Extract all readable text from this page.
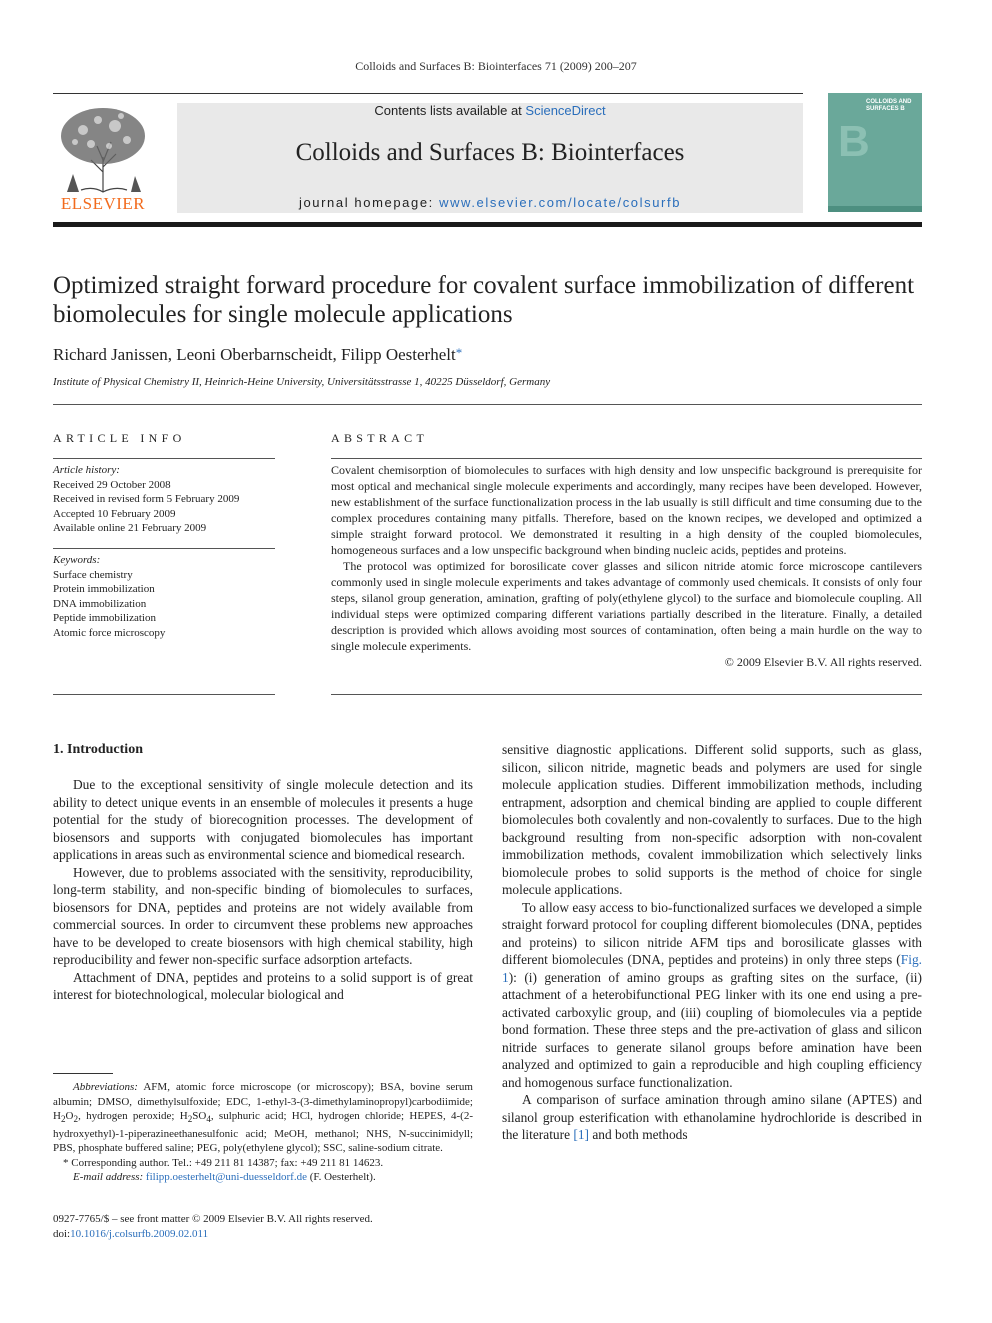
Colloids and Surfaces B: Biointerfaces 71 (2009) 200–207
ELSEVIER
Contents lists available at ScienceDirect
Colloids and Surfaces B: Biointerfaces
journal homepage: www.elsevier.com/locate/colsurfb
COLLOIDS AND SURFACES B
B
Optimized straight forward procedure for covalent surface immobilization of different biomolecules for single molecule applications
Richard Janissen, Leoni Oberbarnscheidt, Filipp Oesterhelt*
Institute of Physical Chemistry II, Heinrich-Heine University, Universitätsstrasse 1, 40225 Düsseldorf, Germany
ARTICLE INFO
Article history:
Received 29 October 2008
Received in revised form 5 February 2009
Accepted 10 February 2009
Available online 21 February 2009
Keywords:
Surface chemistry
Protein immobilization
DNA immobilization
Peptide immobilization
Atomic force microscopy
ABSTRACT

Covalent chemisorption of biomolecules to surfaces with high density and low unspecific background is prerequisite for most optical and mechanical single molecule experiments and accordingly, many recipes have been developed. However, new establishment of the surface functionalization process in the lab usually is still difficult and time consuming due to the complex procedures containing many pitfalls. Therefore, based on the known recipes, we developed and optimized a simple straight forward protocol. We demonstrated it resulting in a high density of the coupled biomolecules, homogeneous surfaces and a low unspecific background when binding nucleic acids, peptides and proteins.

The protocol was optimized for borosilicate cover glasses and silicon nitride atomic force microscope cantilevers commonly used in single molecule experiments and takes advantage of commonly used chemicals. It consists of only four steps, silanol group generation, amination, grafting of poly(ethylene glycol) to the surface and biomolecule coupling. All individual steps were optimized comparing different variations partially described in the literature. Finally, a detailed description is provided which allows avoiding most sources of contamination, often being a main hurdle on the way to single molecule experiments.

© 2009 Elsevier B.V. All rights reserved.
1. Introduction

Due to the exceptional sensitivity of single molecule detection and its ability to detect unique events in an ensemble of molecules it presents a huge potential for the study of biorecognition processes. The development of biosensors and supports with conjugated biomolecules has important applications in areas such as environmental science and biomedical research.

However, due to problems associated with the sensitivity, reproducibility, long-term stability, and non-specific binding of biomolecules to surfaces, biosensors for DNA, peptides and proteins are not widely available from commercial sources. In order to circumvent these problems new approaches have to be developed to create biosensors with high chemical stability, high reproducibility and fewer non-specific surface adsorption artefacts.

Attachment of DNA, peptides and proteins to a solid support is of great interest for biotechnological, molecular biological and

sensitive diagnostic applications. Different solid supports, such as glass, silicon, silicon nitride, magnetic beads and polymers are used for single molecule application studies. Different immobilization methods, including entrapment, adsorption and chemical binding are applied to couple different biomolecules both covalently and non-covalently to surfaces. Due to the high background resulting from non-specific adsorption with non-covalent immobilization methods, covalent immobilization which selectively links biomolecule probes to solid supports is the method of choice for single molecule applications.

To allow easy access to bio-functionalized surfaces we developed a simple straight forward protocol for coupling different biomolecules (DNA, peptides and proteins) to silicon nitride AFM tips and borosilicate glasses with different biomolecules (DNA, peptides and proteins) in only three steps (Fig. 1): (i) generation of amino groups as grafting sites on the surface, (ii) attachment of a heterobifunctional PEG linker with its one end using a pre-activated carboxylic group, and (iii) coupling of biomolecules via a peptide bond formation. These three steps and the pre-activation of glass and silicon nitride surfaces to generate silanol groups before amination have been analyzed and optimized to gain a reproducible and high coupling efficiency and homogenous surface functionalization.

A comparison of surface amination through amino silane (APTES) and silanol group esterification with ethanolamine hydrochloride is described in the literature [1] and both methods

Abbreviations: AFM, atomic force microscope (or microscopy); BSA, bovine serum albumin; DMSO, dimethylsulfoxide; EDC, 1-ethyl-3-(3-dimethylaminopropyl)carbodiimide; $H_2O_2$, hydrogen peroxide; $H_2SO_4$, sulphuric acid; HCl, hydrogen chloride; HEPES, 4-(2-hydroxyethyl)-1-piperazineethanesulfonic acid; MeOH, methanol; NHS, N-succinimidyll; PBS, phosphate buffered saline; PEG, poly(ethylene glycol); SSC, saline-sodium citrate.

* Corresponding author. Tel.: +49 211 81 14387; fax: +49 211 81 14623.

E-mail address: filipp.oesterhelt@uni-duesseldorf.de (F. Oesterhelt).

0927-7765/$ – see front matter © 2009 Elsevier B.V. All rights reserved.
doi:10.1016/j.colsurfb.2009.02.011
